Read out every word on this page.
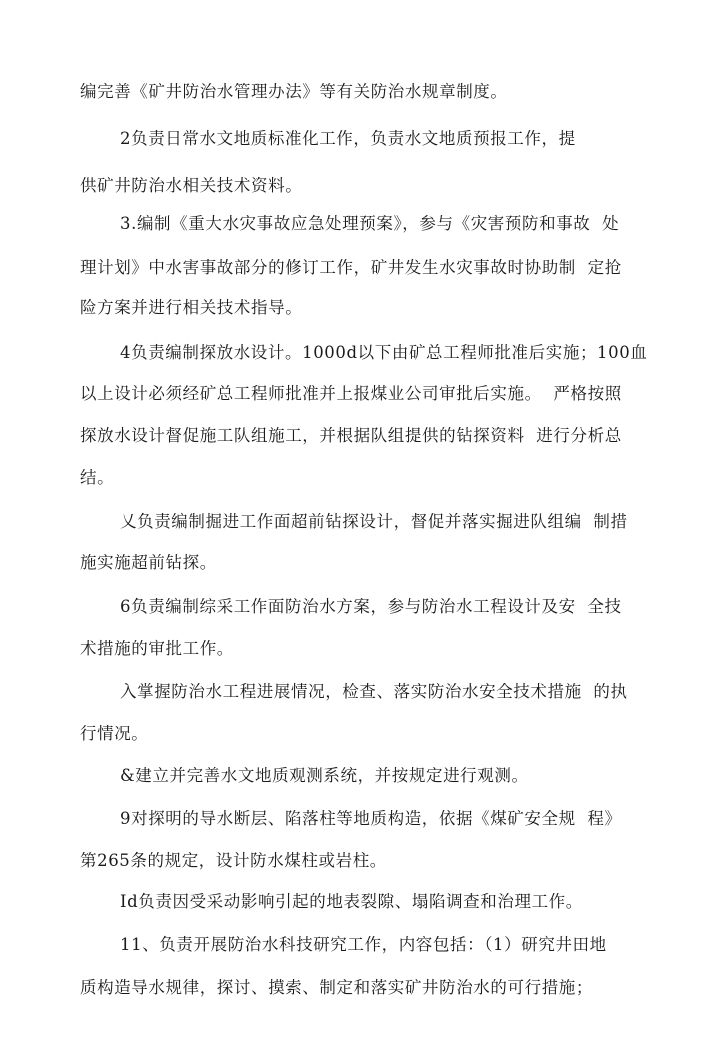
编完善《矿井防治水管理办法》等有关防治水规章制度。
2负责日常水文地质标准化工作，负责水文地质预报工作，提
供矿井防治水相关技术资料。
3.编制《重大水灾事故应急处理预案》，参与《灾害预防和事故  处
理计划》中水害事故部分的修订工作，矿井发生水灾事故时协助制  定抢
险方案并进行相关技术指导。
4负责编制探放水设计。1000d以下由矿总工程师批准后实施；100血
以上设计必须经矿总工程师批准并上报煤业公司审批后实施。  严格按照
探放水设计督促施工队组施工，并根据队组提供的钻探资料  进行分析总
结。
乂负责编制掘进工作面超前钻探设计，督促并落实掘进队组编  制措
施实施超前钻探。
6负责编制综采工作面防治水方案，参与防治水工程设计及安  全技
术措施的审批工作。
入掌握防治水工程进展情况，检查、落实防治水安全技术措施  的执
行情况。
&建立并完善水文地质观测系统，并按规定进行观测。
9对探明的导水断层、陷落柱等地质构造，依据《煤矿安全规  程》
第265条的规定，设计防水煤柱或岩柱。
Id负责因受采动影响引起的地表裂隙、塌陷调查和治理工作。
11、负责开展防治水科技研究工作，内容包括：（1）研究井田地
质构造导水规律，探讨、摸索、制定和落实矿井防治水的可行措施；
